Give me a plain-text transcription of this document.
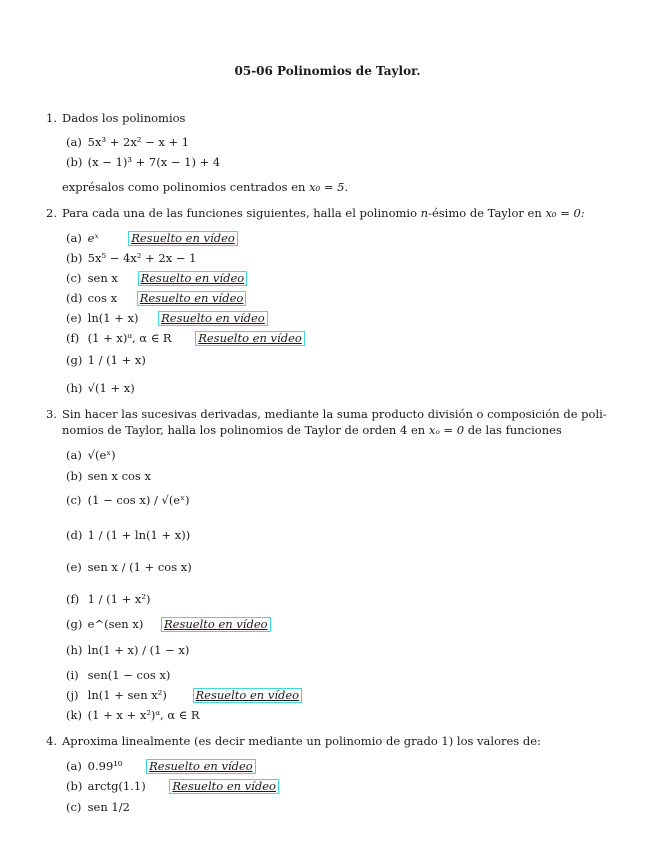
05-06 Polinomios de Taylor.
1. Dados los polinomios
(a) 5x³ + 2x² − x + 1
(b) (x − 1)³ + 7(x − 1) + 4
exprésalos como polinomios centrados en x₀ = 5.
2. Para cada una de las funciones siguientes, halla el polinomio n-ésimo de Taylor en x₀ = 0:
(a) eˣ	Resuelto en vídeo
(b) 5x⁵ − 4x² + 2x − 1
(c) sen x Resuelto en vídeo
(d) cos x Resuelto en vídeo
(e) ln(1 + x) Resuelto en vídeo
(f) (1 + x)ᵅ, α ∈ R Resuelto en vídeo
(g) 1 / (1 + x)
(h) √(1 + x)
3. Sin hacer las sucesivas derivadas, mediante la suma producto división o composición de poli-
nomios de Taylor, halla los polinomios de Taylor de orden 4 en xₒ = 0 de las funciones
(a) √(eˣ)
(b) sen x cos x
(c) (1 − cos x) / √(eˣ)
(d) 1 / (1 + ln(1 + x))
(e) sen x / (1 + cos x)
(f) 1 / (1 + x²)
(g) e^(sen x) Resuelto en vídeo
(h) ln(1 + x) / (1 − x)
(i) sen(1 − cos x)
(j) ln(1 + sen x²) Resuelto en vídeo
(k) (1 + x + x²)ᵅ, α ∈ R
4. Aproxima linealmente (es decir mediante un polinomio de grado 1) los valores de:
(a) 0.99¹⁰ Resuelto en vídeo
(b) arctg(1.1) Resuelto en vídeo
(c) sen 1/2
